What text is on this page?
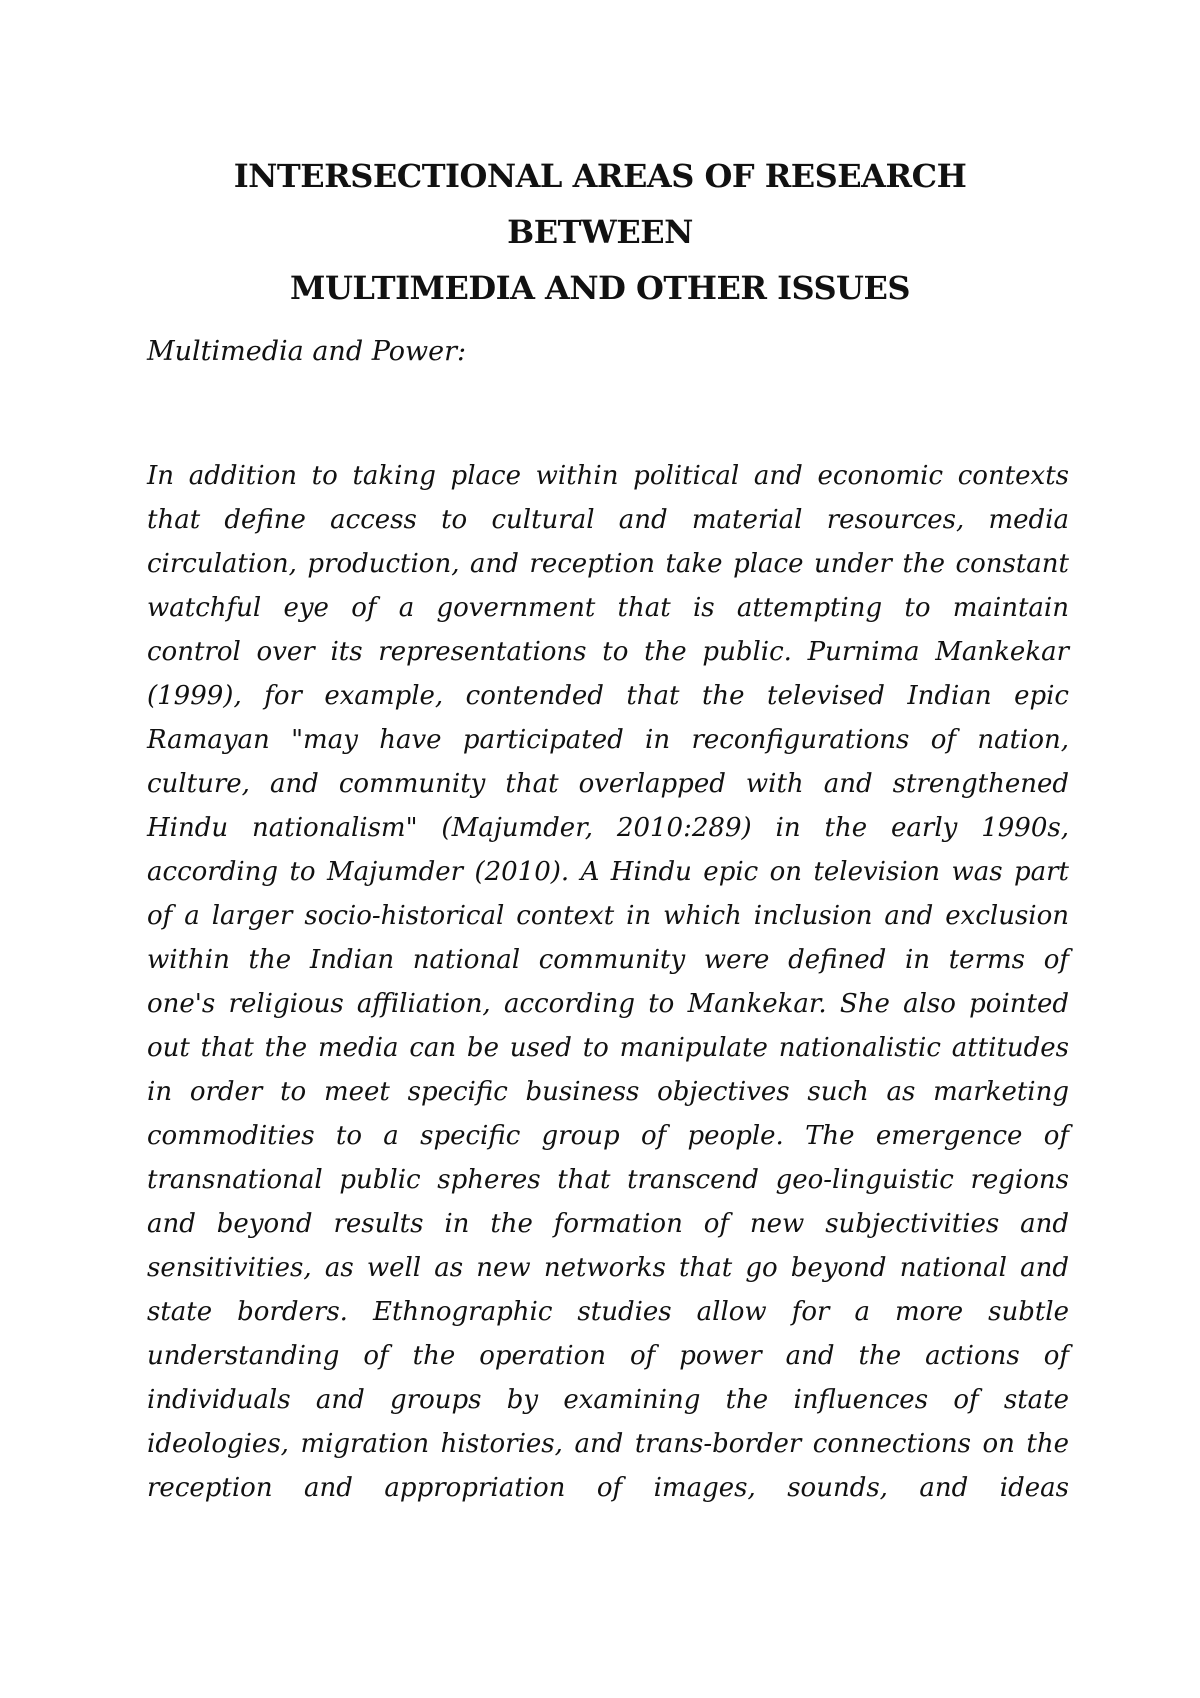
INTERSECTIONAL AREAS OF RESEARCH BETWEEN
MULTIMEDIA AND OTHER ISSUES

Multimedia and Power:

In addition to taking place within political and economic contexts
that define access to cultural and material resources, media
circulation, production, and reception take place under the constant
watchful eye of a government that is attempting to maintain
control over its representations to the public. Purnima Mankekar
(1999), for example, contended that the televised Indian epic
Ramayan "may have participated in reconfigurations of nation,
culture, and community that overlapped with and strengthened
Hindu nationalism" (Majumder, 2010:289) in the early 1990s,
according to Majumder (2010). A Hindu epic on television was part
of a larger socio-historical context in which inclusion and exclusion
within the Indian national community were defined in terms of
one's religious affiliation, according to Mankekar. She also pointed
out that the media can be used to manipulate nationalistic attitudes
in order to meet specific business objectives such as marketing
commodities to a specific group of people. The emergence of
transnational public spheres that transcend geo-linguistic regions
and beyond results in the formation of new subjectivities and
sensitivities, as well as new networks that go beyond national and
state borders. Ethnographic studies allow for a more subtle
understanding of the operation of power and the actions of
individuals and groups by examining the influences of state
ideologies, migration histories, and trans-border connections on the
reception and appropriation of images, sounds, and ideas
